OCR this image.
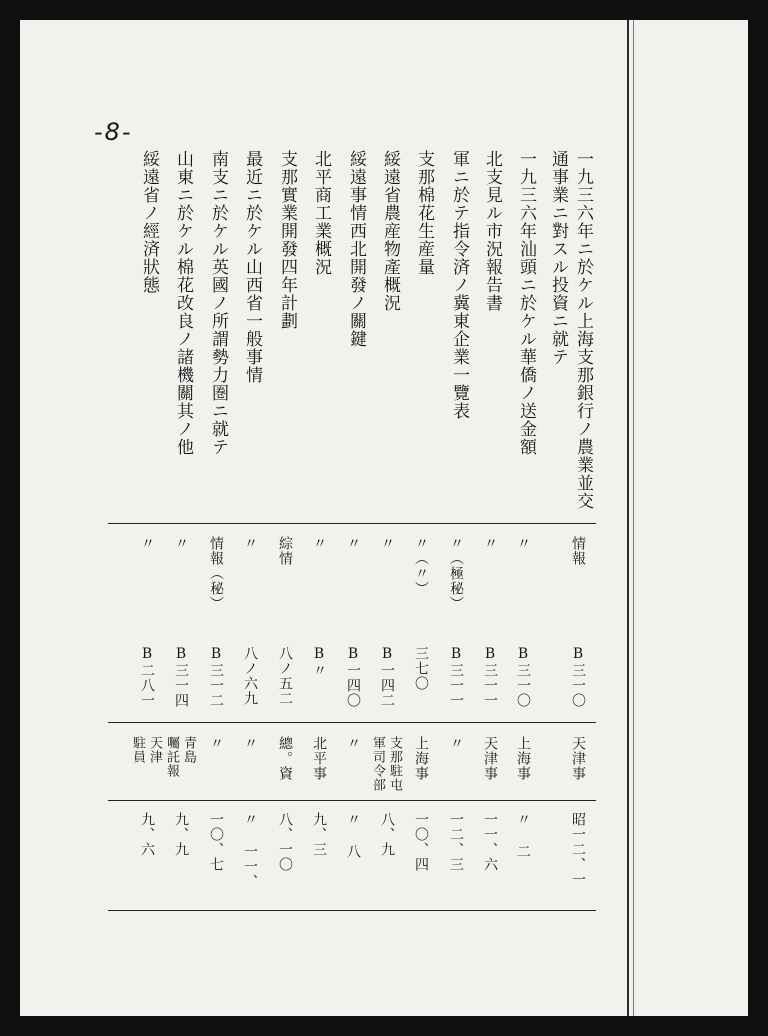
-8-
一九三六年ニ於ケル上海支那銀行ノ農業並交
通事業ニ對スル投資ニ就テ
情報
B三一〇
天津事
昭一二、一
一九三六年汕頭ニ於ケル華僑ノ送金額
〃
B三一〇
上海事
〃 二
北支見ル市況報告書
〃
B三一一
天津事
一一、六
軍ニ於テ指令済ノ冀東企業一覽表
〃（極秘）
B三一一
〃
一二、三
支那棉花生産量
〃（〃）
三七〇
上海事
一〇、四
綏遠省農産物產概況
〃
B一四二
支那駐屯
軍司令部
八、九
綏遠事情西北開發ノ關鍵
〃
B一四〇
〃
〃 八
北平商工業概況
〃
B〃
北平事
九、三
支那實業開發四年計劃
綜情
八ノ五二
總。資
八、一〇
最近ニ於ケル山西省一般事情
〃
八ノ六九
〃
〃 一一、
南支ニ於ケル英國ノ所謂勢力圏ニ就テ
情報（秘）
B三一二
〃
一〇、七
山東ニ於ケル棉花改良ノ諸機關其ノ他
〃
B三一四
青島
囑託報
九、九
綏遠省ノ經済狀態
〃
B二八一
天津
駐員
九、六
